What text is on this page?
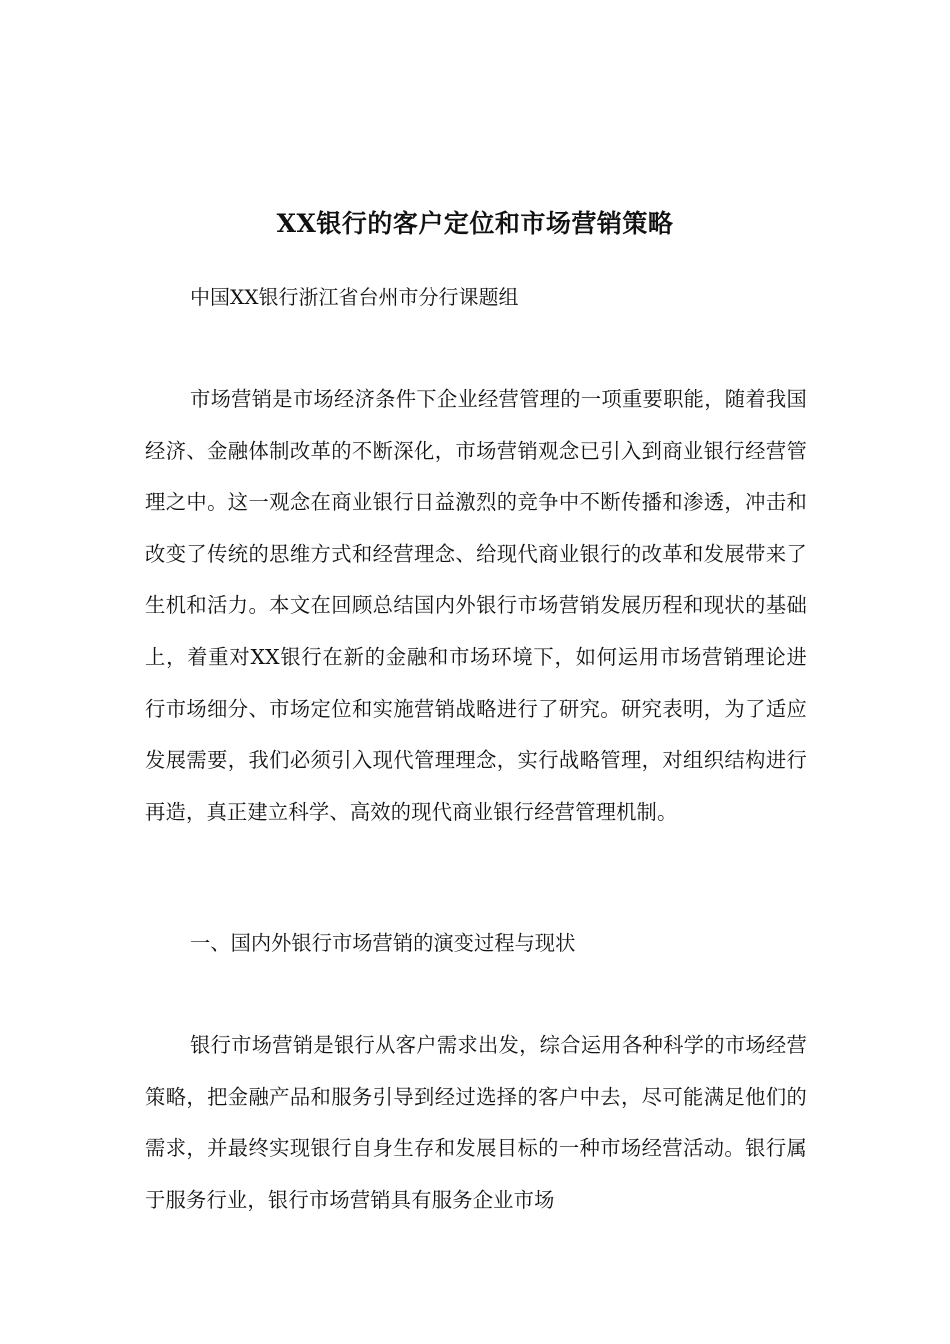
XX银行的客户定位和市场营销策略
中国XX银行浙江省台州市分行课题组

市场营销是市场经济条件下企业经营管理的一项重要职能，随着我国经济、金融体制改革的不断深化，市场营销观念已引入到商业银行经营管理之中。这一观念在商业银行日益激烈的竞争中不断传播和渗透，冲击和改变了传统的思维方式和经营理念、给现代商业银行的改革和发展带来了生机和活力。本文在回顾总结国内外银行市场营销发展历程和现状的基础上，着重对XX银行在新的金融和市场环境下，如何运用市场营销理论进行市场细分、市场定位和实施营销战略进行了研究。研究表明，为了适应发展需要，我们必须引入现代管理理念，实行战略管理，对组织结构进行再造，真正建立科学、高效的现代商业银行经营管理机制。

一、国内外银行市场营销的演变过程与现状

银行市场营销是银行从客户需求出发，综合运用各种科学的市场经营策略，把金融产品和服务引导到经过选择的客户中去，尽可能满足他们的需求，并最终实现银行自身生存和发展目标的一种市场经营活动。银行属于服务行业，银行市场营销具有服务企业市场
